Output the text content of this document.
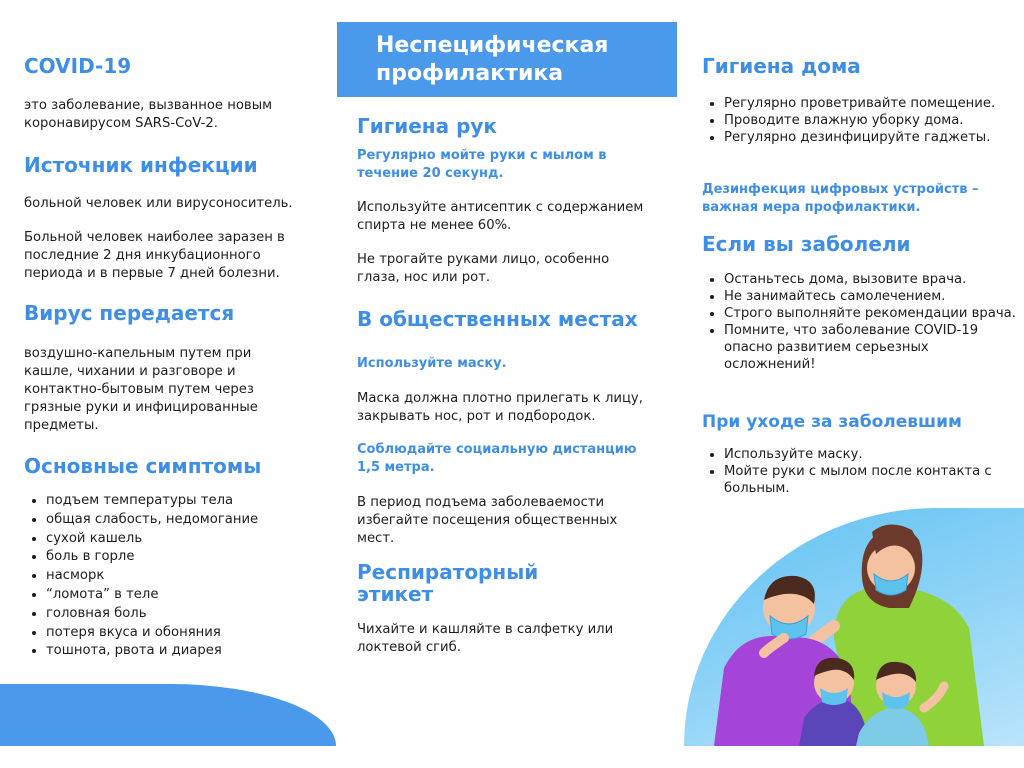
COVID-19
это заболевание, вызванное новым коронавирусом SARS-CoV-2.
Источник инфекции
больной человек или вирусоноситель.
Больной человек наиболее заразен в последние 2 дня инкубационного периода и в первые 7 дней болезни.
Вирус передается
воздушно-капельным путем при кашле, чихании и разговоре и контактно-бытовым путем через грязные руки и инфицированные предметы.
Основные симптомы
• подъем температуры тела
• общая слабость, недомогание
• сухой кашель
• боль в горле
• насморк
• “ломота” в теле
• головная боль
• потеря вкуса и обоняния
• тошнота, рвота и диарея
Неспецифическая профилактика
Гигиена рук
Регулярно мойте руки с мылом в течение 20 секунд.
Используйте антисептик с содержанием спирта не менее 60%.
Не трогайте руками лицо, особенно глаза, нос или рот.
В общественных местах
Используйте маску.
Маска должна плотно прилегать к лицу, закрывать нос, рот и подбородок.
Соблюдайте социальную дистанцию 1,5 метра.
В период подъема заболеваемости избегайте посещения общественных мест.
Респираторный этикет
Чихайте и кашляйте в салфетку или локтевой сгиб.
Гигиена дома
• Регулярно проветривайте помещение.
• Проводите влажную уборку дома.
• Регулярно дезинфицируйте гаджеты.
Дезинфекция цифровых устройств – важная мера профилактики.
Если вы заболели
• Останьтесь дома, вызовите врача.
• Не занимайтесь самолечением.
• Строго выполняйте рекомендации врача.
• Помните, что заболевание COVID-19 опасно развитием серьезных осложнений!
При уходе за заболевшим
• Используйте маску.
• Мойте руки с мылом после контакта с больным.
